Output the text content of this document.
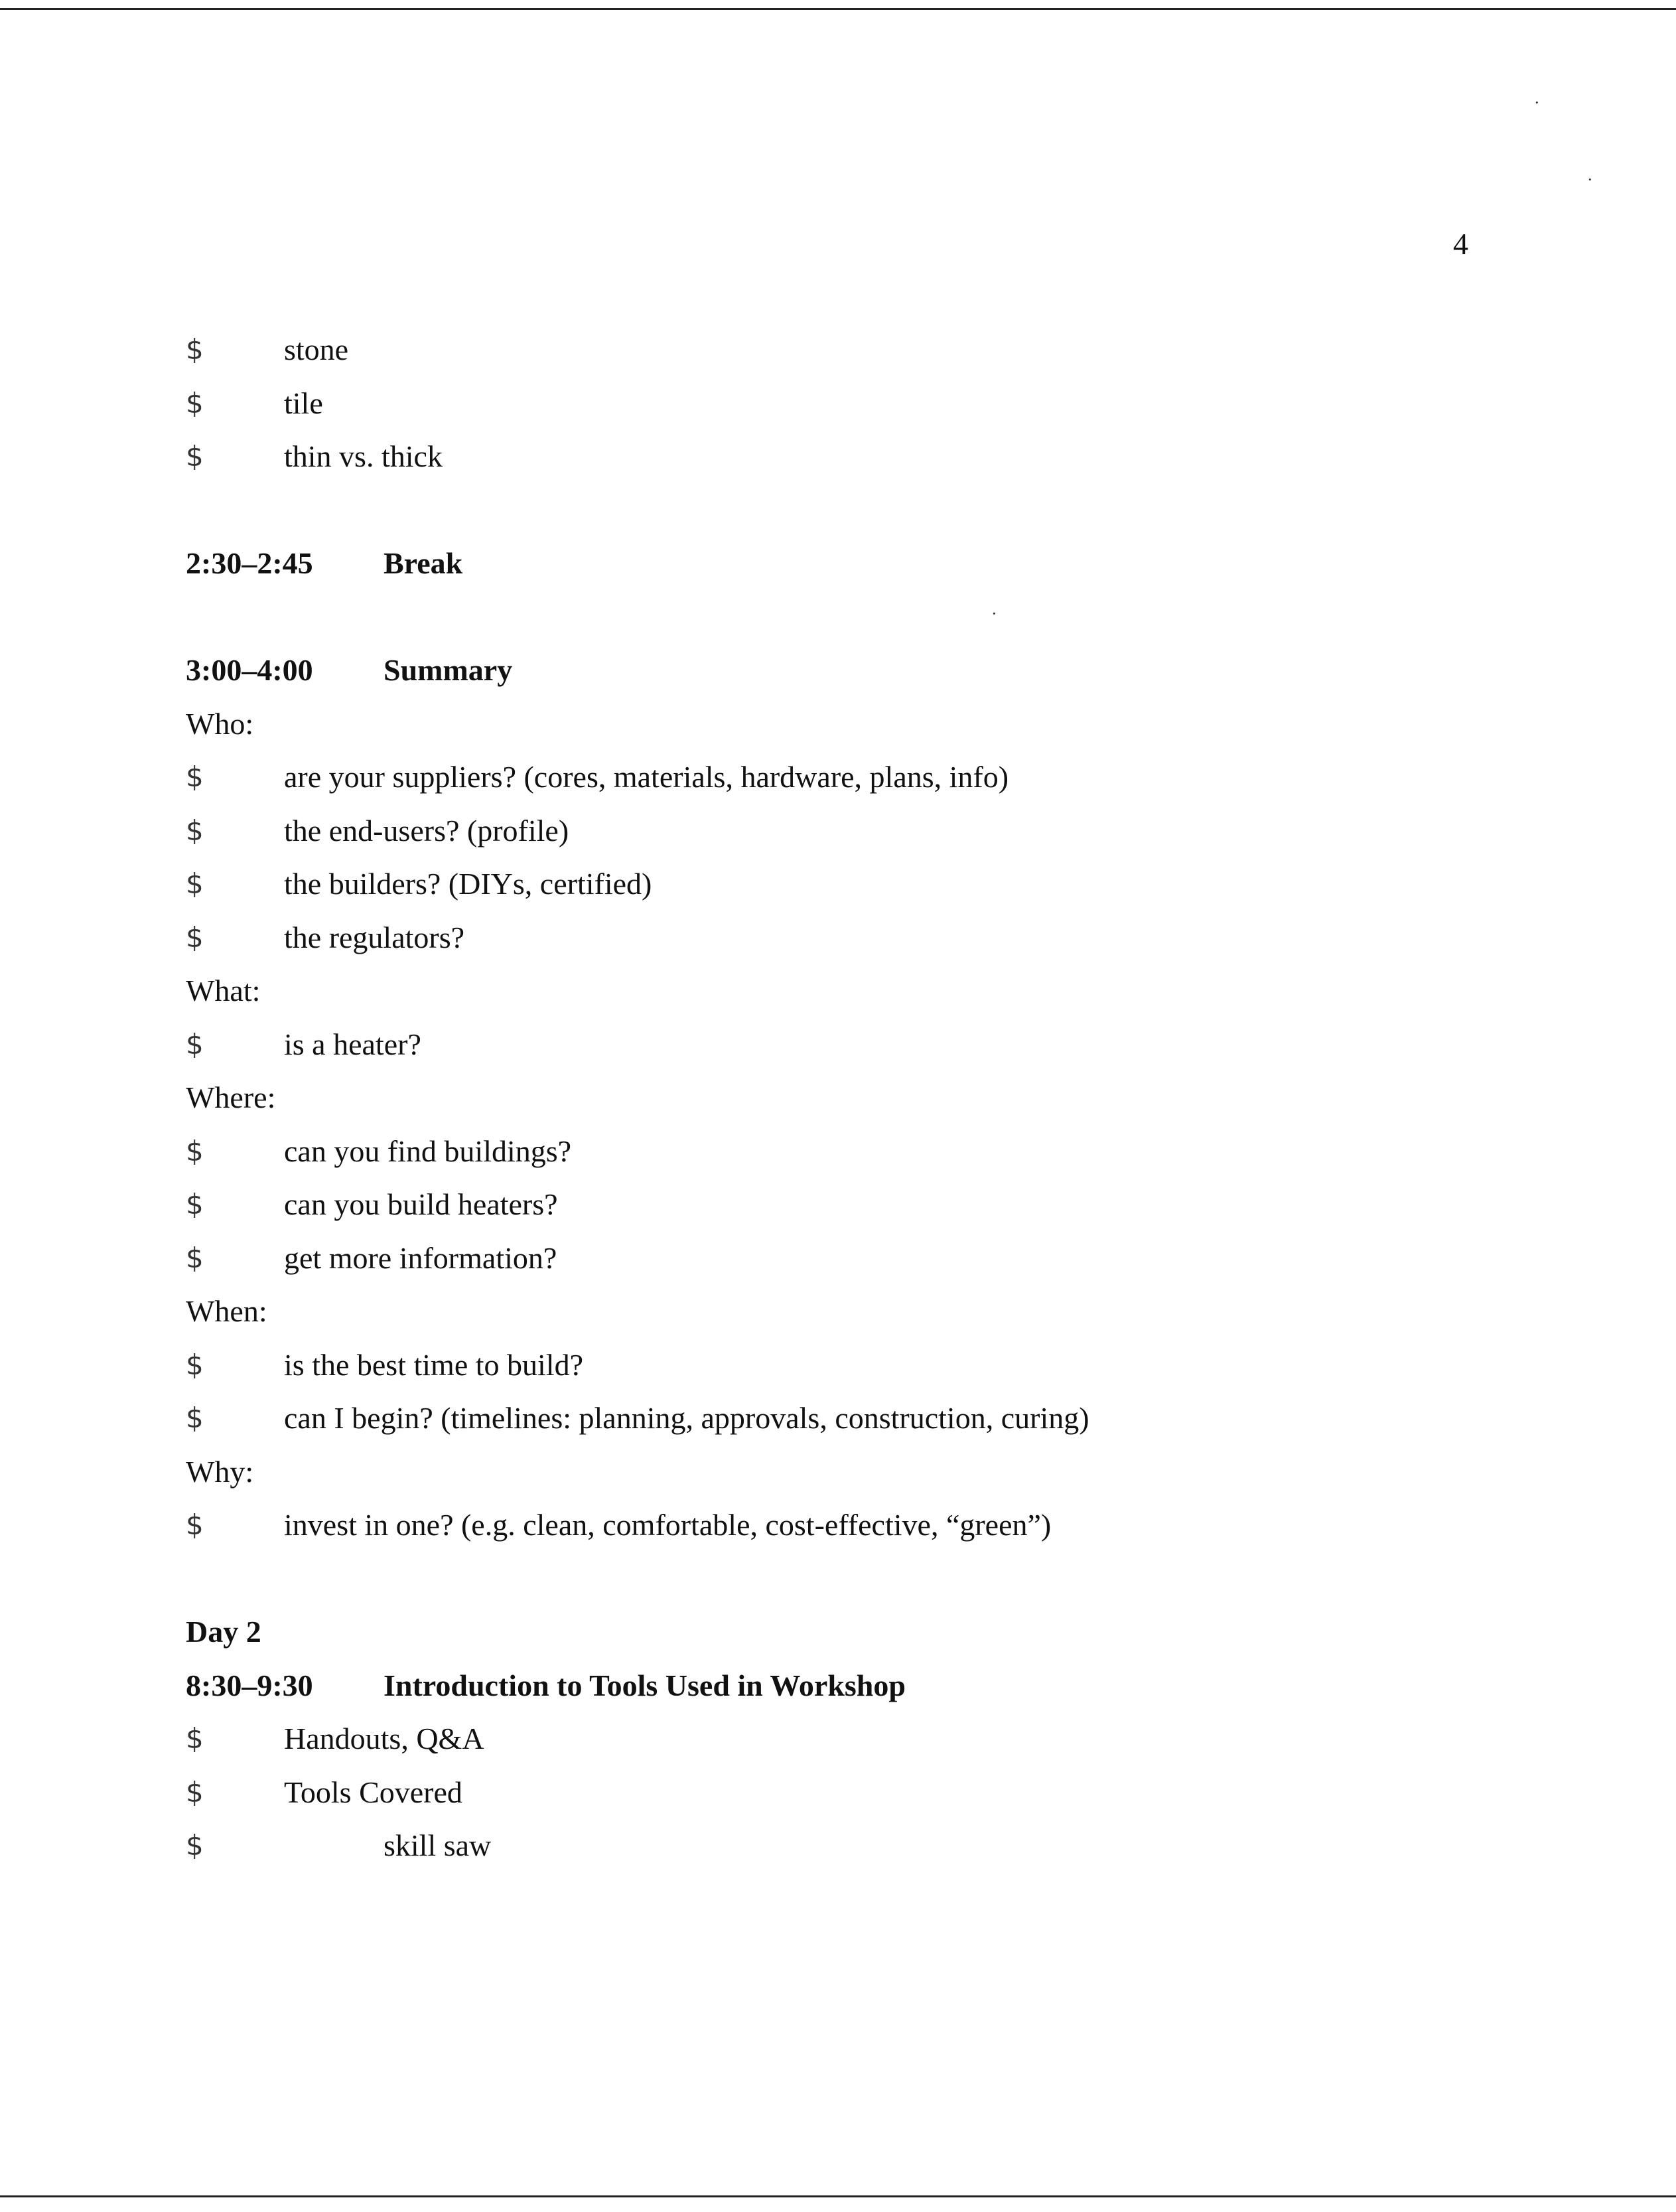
·
·
·
4
$	stone
$	tile
$	thin vs. thick
2:30–2:45 Break
3:00–4:00 Summary
Who:
$	are your suppliers? (cores, materials, hardware, plans, info)
$	the end-users? (profile)
$	the builders? (DIYs, certified)
$	the regulators?
What:
$	is a heater?
Where:
$	can you find buildings?
$	can you build heaters?
$	get more information?
When:
$	is the best time to build?
$	can I begin? (timelines: planning, approvals, construction, curing)
Why:
$	invest in one? (e.g. clean, comfortable, cost-effective, “green”)
Day 2
8:30–9:30 Introduction to Tools Used in Workshop
$	Handouts, Q&A
$	Tools Covered
$	skill saw
